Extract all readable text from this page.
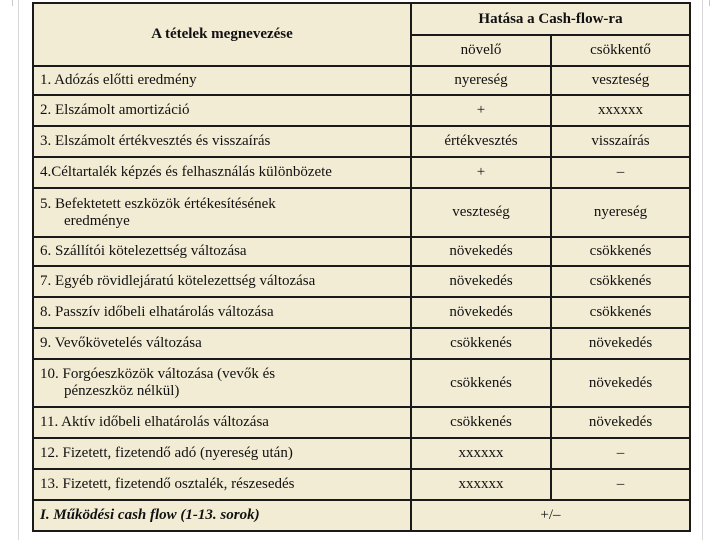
A tételek megnevezése	Hatása a Cash-flow-ra	
	növelő	csökkentő
1. Adózás előtti eredmény	nyereség	veszteség
2. Elszámolt amortizáció	+	xxxxxx
3. Elszámolt értékvesztés és visszaírás	értékvesztés	visszaírás
4.Céltartalék képzés és felhasználás különbözete	+	–

5. Befektetett eszközök értékesítésének
eredménye	veszteség	nyereség
6. Szállítói kötelezettség változása	növekedés	csökkenés
7. Egyéb rövidlejáratú kötelezettség változása	növekedés	csökkenés
8. Passzív időbeli elhatárolás változása	növekedés	csökkenés
9. Vevőkövetelés változása	csökkenés	növekedés

10. Forgóeszközök változása (vevők és
pénzeszköz nélkül)	csökkenés	növekedés
11. Aktív időbeli elhatárolás változása	csökkenés	növekedés
12. Fizetett, fizetendő adó (nyereség után)	xxxxxx	–
13. Fizetett, fizetendő osztalék, részesedés	xxxxxx	–
I. Működési cash flow (1-13. sorok)	+/–	
